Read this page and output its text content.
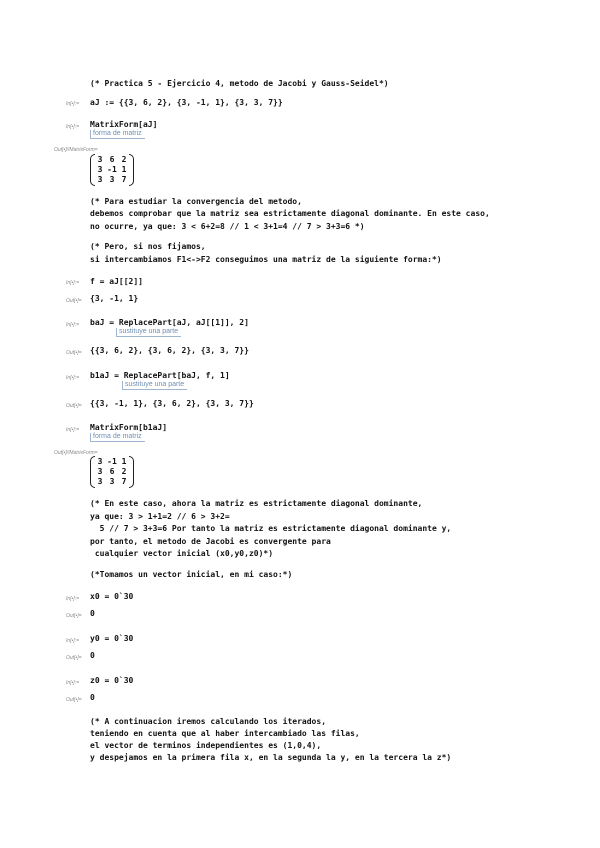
(* Practica 5 - Ejercicio 4, metodo de Jacobi y Gauss-Seidel*)
In[•]:= aJ := {{3, 6, 2}, {3, -1, 1}, {3, 3, 7}}
In[•]:= MatrixForm[aJ]
forma de matriz
Out[•]//MatrixForm=
3 6 2
3 -1 1
3 3 7
(* Para estudiar la convergencia del metodo,
debemos comprobar que la matriz sea estrictamente diagonal dominante. En este caso,
no ocurre, ya que: 3 < 6+2=8 // 1 < 3+1=4 // 7 > 3+3=6 *)
(* Pero, si nos fijamos,
si intercambiamos F1<->F2 conseguimos una matriz de la siguiente forma:*)
In[•]:= f = aJ[[2]]
Out[•]= {3, -1, 1}
In[•]:= baJ = ReplacePart[aJ, aJ[[1]], 2]
sustituye una parte
Out[•]= {{3, 6, 2}, {3, 6, 2}, {3, 3, 7}}
In[•]:= b1aJ = ReplacePart[baJ, f, 1]
sustituye una parte
Out[•]= {{3, -1, 1}, {3, 6, 2}, {3, 3, 7}}
In[•]:= MatrixForm[b1aJ]
forma de matriz
Out[•]//MatrixForm=
3 -1 1
3 6 2
3 3 7
(* En este caso, ahora la matriz es estrictamente diagonal dominante,
ya que: 3 > 1+1=2 // 6 > 3+2=
5 // 7 > 3+3=6 Por tanto la matriz es estrictamente diagonal dominante y,
por tanto, el metodo de Jacobi es convergente para
cualquier vector inicial (x0,y0,z0)*)
(*Tomamos un vector inicial, en mi caso:*)
In[•]:= x0 = 0`30
Out[•]= 0
In[•]:= y0 = 0`30
Out[•]= 0
In[•]:= z0 = 0`30
Out[•]= 0
(* A continuacion iremos calculando los iterados,
teniendo en cuenta que al haber intercambiado las filas,
el vector de terminos independientes es (1,0,4),
y despejamos en la primera fila x, en la segunda la y, en la tercera la z*)
